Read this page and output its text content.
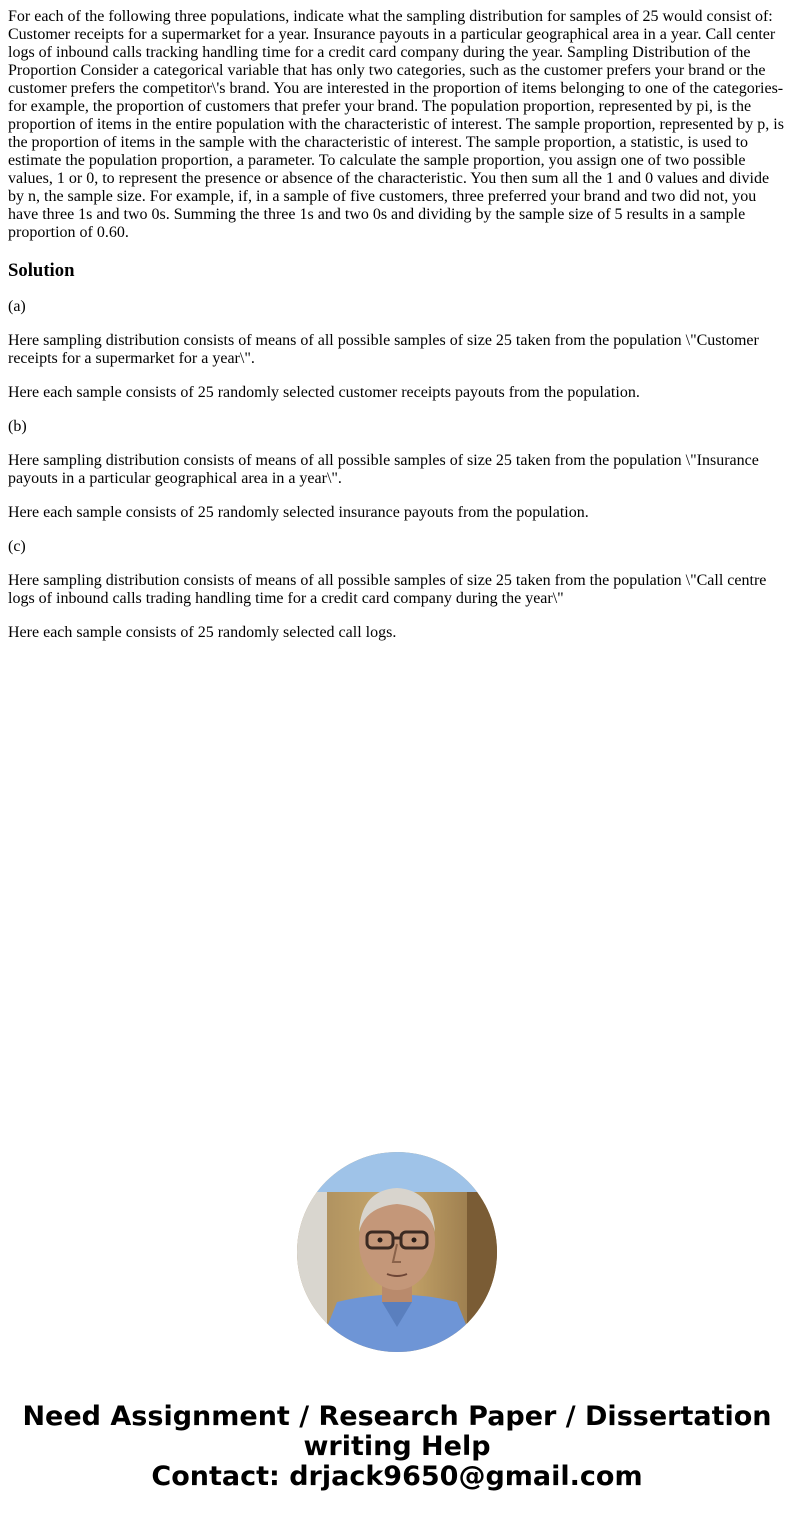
For each of the following three populations, indicate what the sampling distribution for samples of 25 would consist of: Customer receipts for a supermarket for a year. Insurance payouts in a particular geographical area in a year. Call center logs of inbound calls tracking handling time for a credit card company during the year. Sampling Distribution of the Proportion Consider a categorical variable that has only two categories, such as the customer prefers your brand or the customer prefers the competitor\'s brand. You are interested in the proportion of items belonging to one of the categories-for example, the proportion of customers that prefer your brand. The population proportion, represented by pi, is the proportion of items in the entire population with the characteristic of interest. The sample proportion, represented by p, is the proportion of items in the sample with the characteristic of interest. The sample proportion, a statistic, is used to estimate the population proportion, a parameter. To calculate the sample proportion, you assign one of two possible values, 1 or 0, to represent the presence or absence of the characteristic. You then sum all the 1 and 0 values and divide by n, the sample size. For example, if, in a sample of five customers, three preferred your brand and two did not, you have three 1s and two 0s. Summing the three 1s and two 0s and dividing by the sample size of 5 results in a sample proportion of 0.60.
Solution

(a)

Here sampling distribution consists of means of all possible samples of size 25 taken from the population \"Customer receipts for a supermarket for a year\".

Here each sample consists of 25 randomly selected customer receipts payouts from the population.

(b)

Here sampling distribution consists of means of all possible samples of size 25 taken from the population \"Insurance payouts in a particular geographical area in a year\".

Here each sample consists of 25 randomly selected insurance payouts from the population.

(c)

Here sampling distribution consists of means of all possible samples of size 25 taken from the population \"Call centre logs of inbound calls trading handling time for a credit card company during the year\"

Here each sample consists of 25 randomly selected call logs.

Need Assignment / Research Paper / Dissertation
writing Help
Contact: drjack9650@gmail.com
